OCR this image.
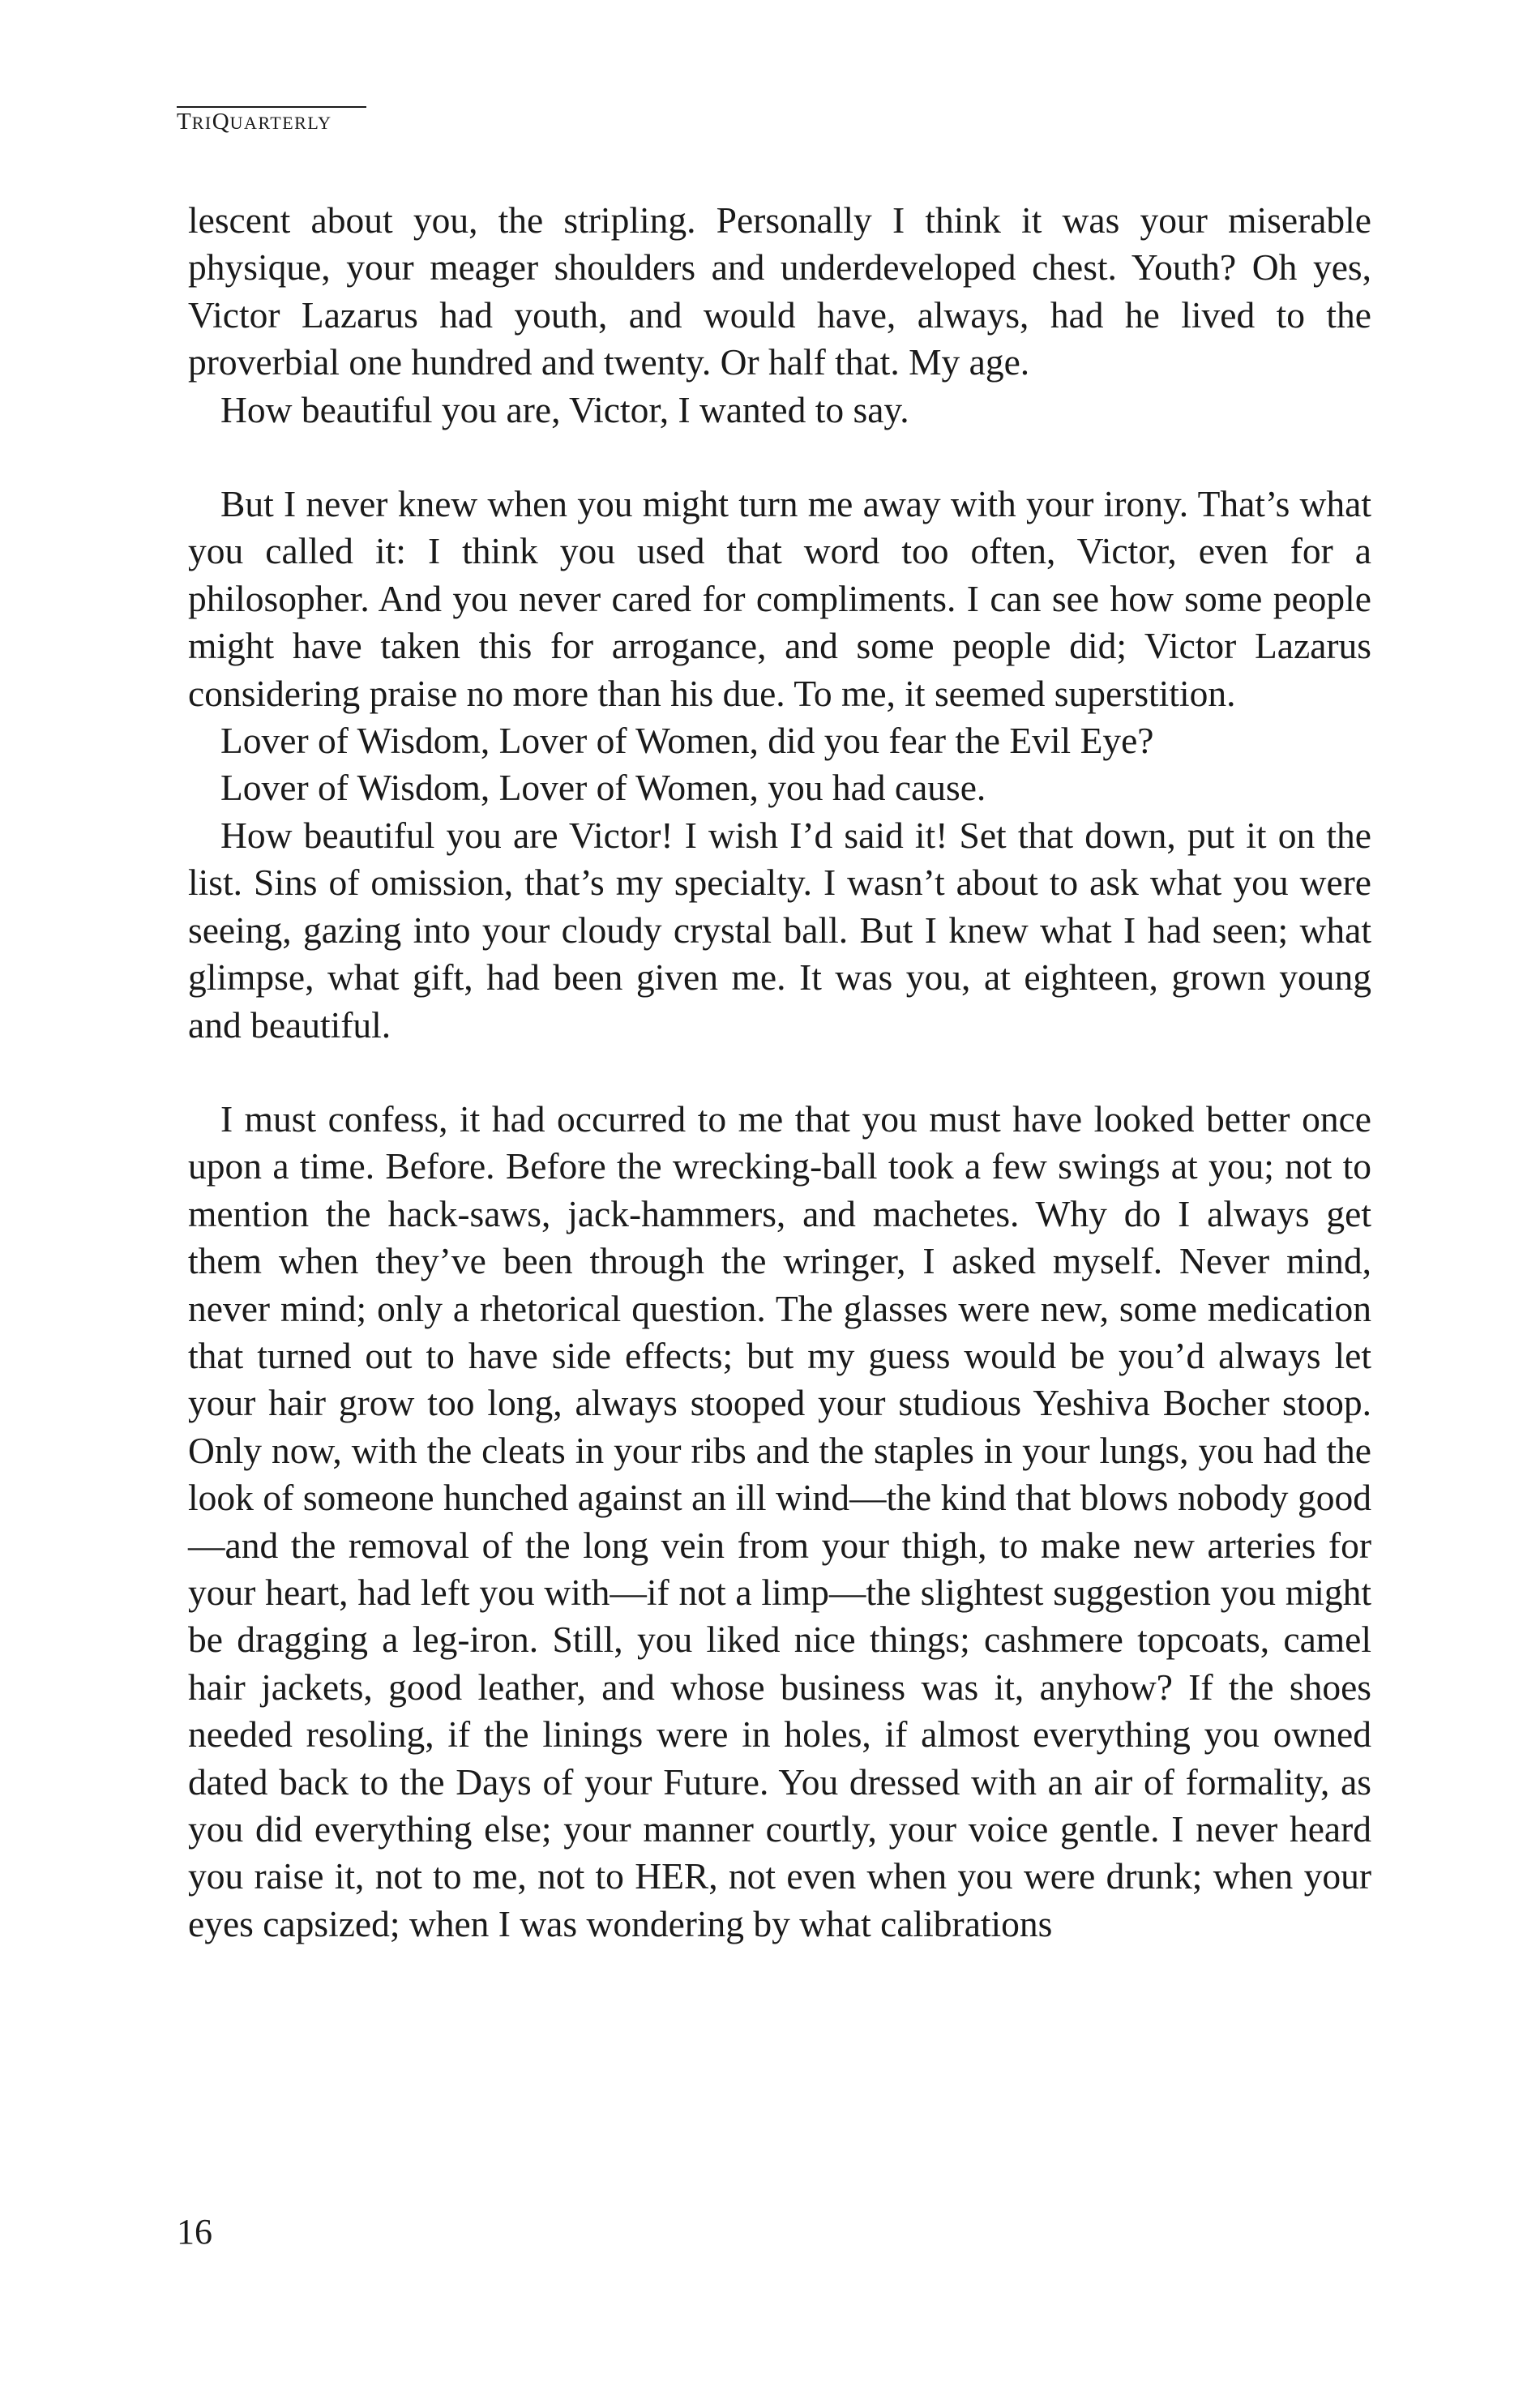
TRIQUARTERLY

lescent about you, the stripling. Personally I think it was your miserable physique, your meager shoulders and underdeveloped chest. Youth? Oh yes, Victor Lazarus had youth, and would have, always, had he lived to the proverbial one hundred and twenty. Or half that. My age.

How beautiful you are, Victor, I wanted to say.

But I never knew when you might turn me away with your irony. That’s what you called it: I think you used that word too often, Victor, even for a philosopher. And you never cared for compliments. I can see how some people might have taken this for arrogance, and some people did; Victor Lazarus considering praise no more than his due. To me, it seemed superstition.

Lover of Wisdom, Lover of Women, did you fear the Evil Eye?

Lover of Wisdom, Lover of Women, you had cause.

How beautiful you are Victor! I wish I’d said it! Set that down, put it on the list. Sins of omission, that’s my specialty. I wasn’t about to ask what you were seeing, gazing into your cloudy crystal ball. But I knew what I had seen; what glimpse, what gift, had been given me. It was you, at eighteen, grown young and beautiful.

I must confess, it had occurred to me that you must have looked better once upon a time. Before. Before the wrecking-ball took a few swings at you; not to mention the hack-saws, jack-hammers, and machetes. Why do I always get them when they’ve been through the wringer, I asked myself. Never mind, never mind; only a rhetorical question. The glasses were new, some medication that turned out to have side effects; but my guess would be you’d always let your hair grow too long, always stooped your studious Yeshiva Bocher stoop. Only now, with the cleats in your ribs and the staples in your lungs, you had the look of someone hunched against an ill wind—the kind that blows nobody good—and the removal of the long vein from your thigh, to make new arteries for your heart, had left you with—if not a limp—the slightest suggestion you might be dragging a leg-iron. Still, you liked nice things; cashmere topcoats, camel hair jackets, good leather, and whose business was it, anyhow? If the shoes needed resoling, if the linings were in holes, if almost everything you owned dated back to the Days of your Future. You dressed with an air of formality, as you did everything else; your manner courtly, your voice gentle. I never heard you raise it, not to me, not to HER, not even when you were drunk; when your eyes capsized; when I was wondering by what calibrations

16
